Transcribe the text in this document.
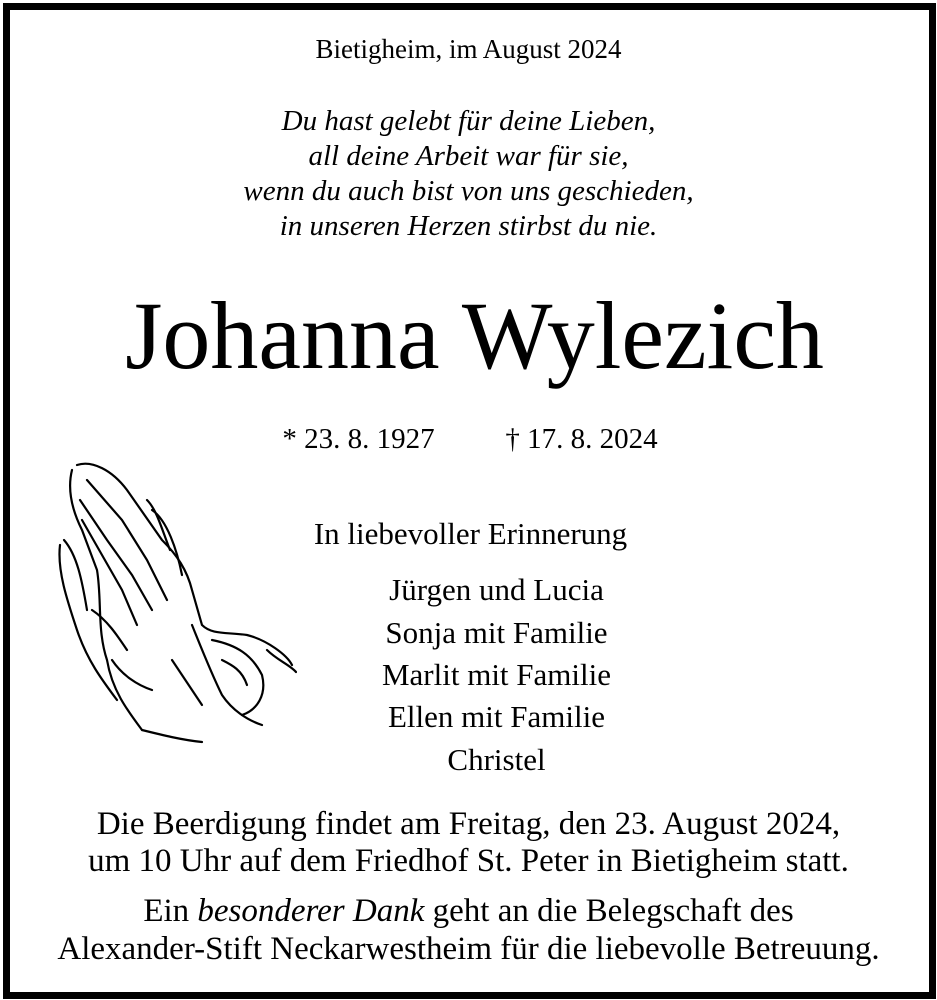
Bietigheim, im August 2024
Du hast gelebt für deine Lieben,
all deine Arbeit war für sie,
wenn du auch bist von uns geschieden,
in unseren Herzen stirbst du nie.
Johanna Wylezich
* 23. 8. 1927	† 17. 8. 2024
In liebevoller Erinnerung
Jürgen und Lucia
Sonja mit Familie
Marlit mit Familie
Ellen mit Familie
Christel
Die Beerdigung findet am Freitag, den 23. August 2024,
um 10 Uhr auf dem Friedhof St. Peter in Bietigheim statt.
Ein besonderer Dank geht an die Belegschaft des
Alexander-Stift Neckarwestheim für die liebevolle Betreuung.
